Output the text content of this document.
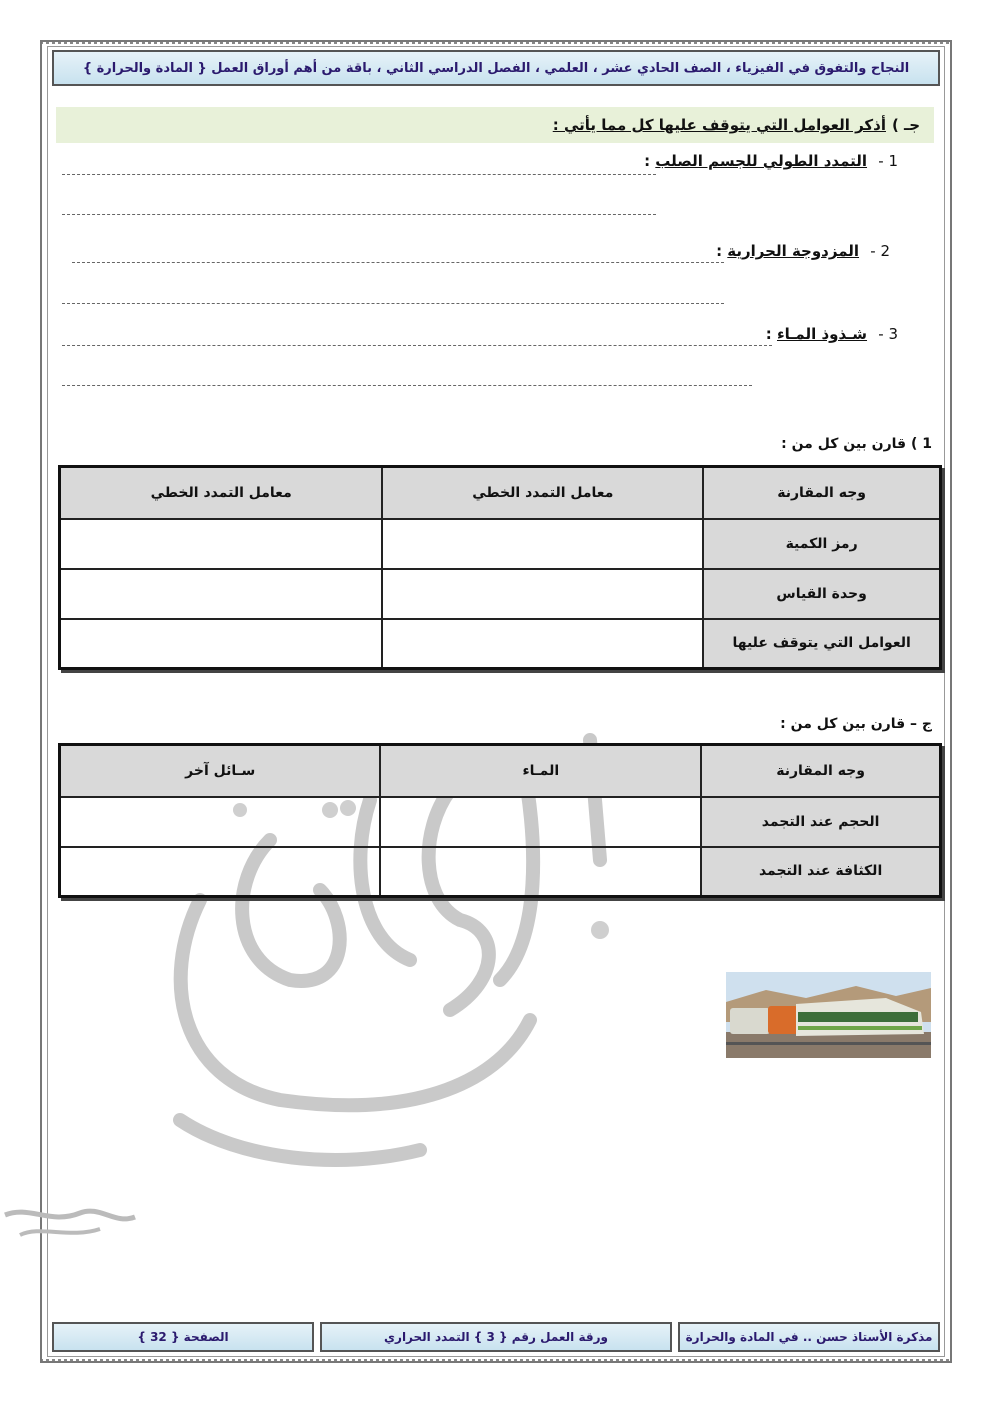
النجاح والتفوق في الفيزياء ، الصف الحادي عشر ، العلمي ، الفصل الدراسي الثاني ، باقة من أهم أوراق العمل { المادة والحرارة }
جـ )
أذكر العوامل التي يتوقف عليها كل مما يأتي :
1 - التمدد الطولي للجسم الصلب :
2 - المزدوجة الحرارية :
3 - شـذوذ المـاء :
1 ) قارن بين كل من :
وجه المقارنة	معامل التمدد الخطي	معامل التمدد الخطي
رمز الكمية		
وحدة القياس		
العوامل التي يتوقف عليها		
ج – قارن بين كل من :
وجه المقارنة	المـاء	سـائل آخر
الحجم عند التجمد		
الكثافة عند التجمد		
مذكرة الأستاذ حسن .. في المادة والحرارة
ورقة العمل رقم { 3 } التمدد الحراري
الصفحة { 32 }
